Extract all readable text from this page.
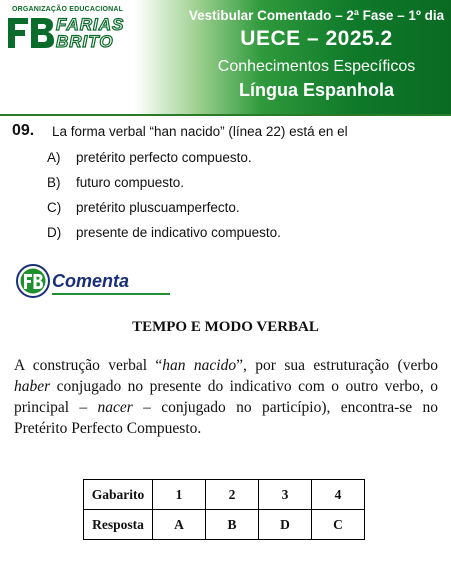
ORGANIZAÇÃO EDUCACIONAL
FARIAS
BRITO
Vestibular Comentado – 2ª Fase – 1º dia
UECE – 2025.2
Conhecimentos Específicos
Língua Espanhola
09. La forma verbal “han nacido” (línea 22) está en el
A) pretérito perfecto compuesto.
B) futuro compuesto.
C) pretérito pluscuamperfecto.
D) presente de indicativo compuesto.
Comenta
TEMPO E MODO VERBAL

A construção verbal “han nacido”, por sua estruturação (verbo haber conjugado no presente do indicativo com o outro verbo, o principal – nacer – conjugado no particípio), encontra-se no Pretérito Perfecto Compuesto.

Gabarito	1	2	3	4
Resposta	A	B	D	C
